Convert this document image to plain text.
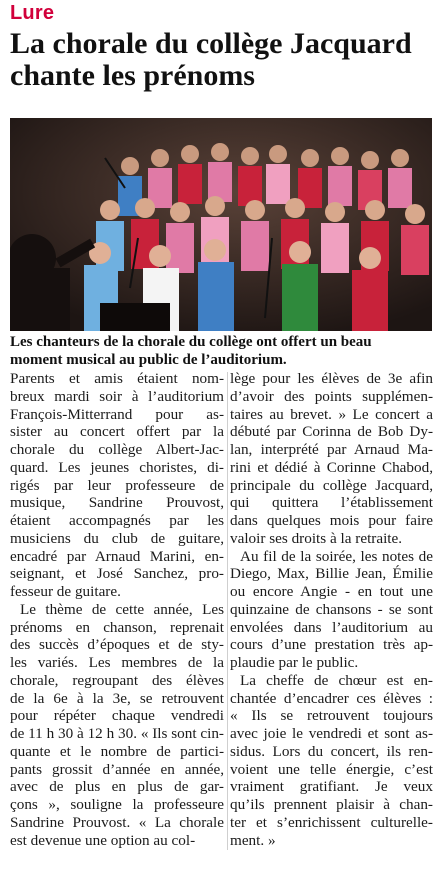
Lure
La chorale du collège Jacquard
chante les prénoms

Les chanteurs de la chorale du collège ont offert un beau
moment musical au public de l’auditorium.

Parents et amis étaient nom-
breux mardi soir à l’auditorium
François-Mitterrand pour as-
sister au concert offert par la
chorale du collège Albert-Jac-
quard. Les jeunes choristes, di-
rigés par leur professeure de
musique, Sandrine Prouvost,
étaient accompagnés par les
musiciens du club de guitare,
encadré par Arnaud Marini, en-
seignant, et José Sanchez, pro-
fesseur de guitare.
Le thème de cette année, Les
prénoms en chanson, reprenait
des succès d’époques et de sty-
les variés. Les membres de la
chorale, regroupant des élèves
de la 6e à la 3e, se retrouvent
pour répéter chaque vendredi
de 11 h 30 à 12 h 30. « Ils sont cin-
quante et le nombre de partici-
pants grossit d’année en année,
avec de plus en plus de gar-
çons », souligne la professeure
Sandrine Prouvost. « La chorale
est devenue une option au col-
lège pour les élèves de 3e afin
d’avoir des points supplémen-
taires au brevet. » Le concert a
débuté par Corinna de Bob Dy-
lan, interprété par Arnaud Ma-
rini et dédié à Corinne Chabod,
principale du collège Jacquard,
qui quittera l’établissement
dans quelques mois pour faire
valoir ses droits à la retraite.
Au fil de la soirée, les notes de
Diego, Max, Billie Jean, Émilie
ou encore Angie - en tout une
quinzaine de chansons - se sont
envolées dans l’auditorium au
cours d’une prestation très ap-
plaudie par le public.
La cheffe de chœur est en-
chantée d’encadrer ces élèves :
« Ils se retrouvent toujours
avec joie le vendredi et sont as-
sidus. Lors du concert, ils ren-
voient une telle énergie, c’est
vraiment gratifiant. Je veux
qu’ils prennent plaisir à chan-
ter et s’enrichissent culturelle-
ment. »
